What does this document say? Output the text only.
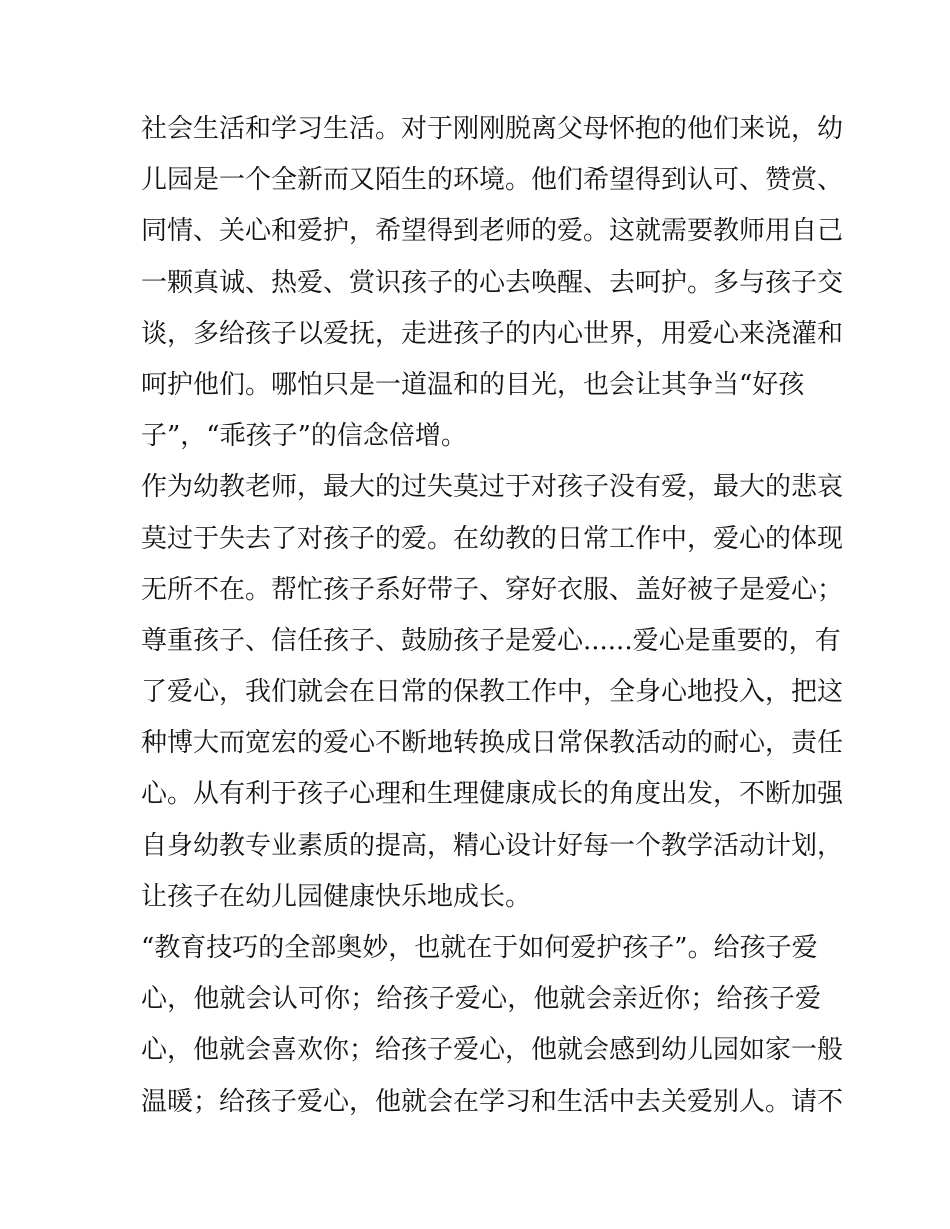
社会生活和学习生活。对于刚刚脱离父母怀抱的他们来说，幼
儿园是一个全新而又陌生的环境。他们希望得到认可、赞赏、
同情、关心和爱护，希望得到老师的爱。这就需要教师用自己
一颗真诚、热爱、赏识孩子的心去唤醒、去呵护。多与孩子交
谈，多给孩子以爱抚，走进孩子的内心世界，用爱心来浇灌和
呵护他们。哪怕只是一道温和的目光，也会让其争当“好孩
子”，“乖孩子”的信念倍增。
作为幼教老师，最大的过失莫过于对孩子没有爱，最大的悲哀
莫过于失去了对孩子的爱。在幼教的日常工作中，爱心的体现
无所不在。帮忙孩子系好带子、穿好衣服、盖好被子是爱心；
尊重孩子、信任孩子、鼓励孩子是爱心......爱心是重要的，有
了爱心，我们就会在日常的保教工作中，全身心地投入，把这
种博大而宽宏的爱心不断地转换成日常保教活动的耐心，责任
心。从有利于孩子心理和生理健康成长的角度出发，不断加强
自身幼教专业素质的提高，精心设计好每一个教学活动计划，
让孩子在幼儿园健康快乐地成长。
“教育技巧的全部奥妙，也就在于如何爱护孩子”。给孩子爱
心，他就会认可你；给孩子爱心，他就会亲近你；给孩子爱
心，他就会喜欢你；给孩子爱心，他就会感到幼儿园如家一般
温暖；给孩子爱心，他就会在学习和生活中去关爱别人。请不
